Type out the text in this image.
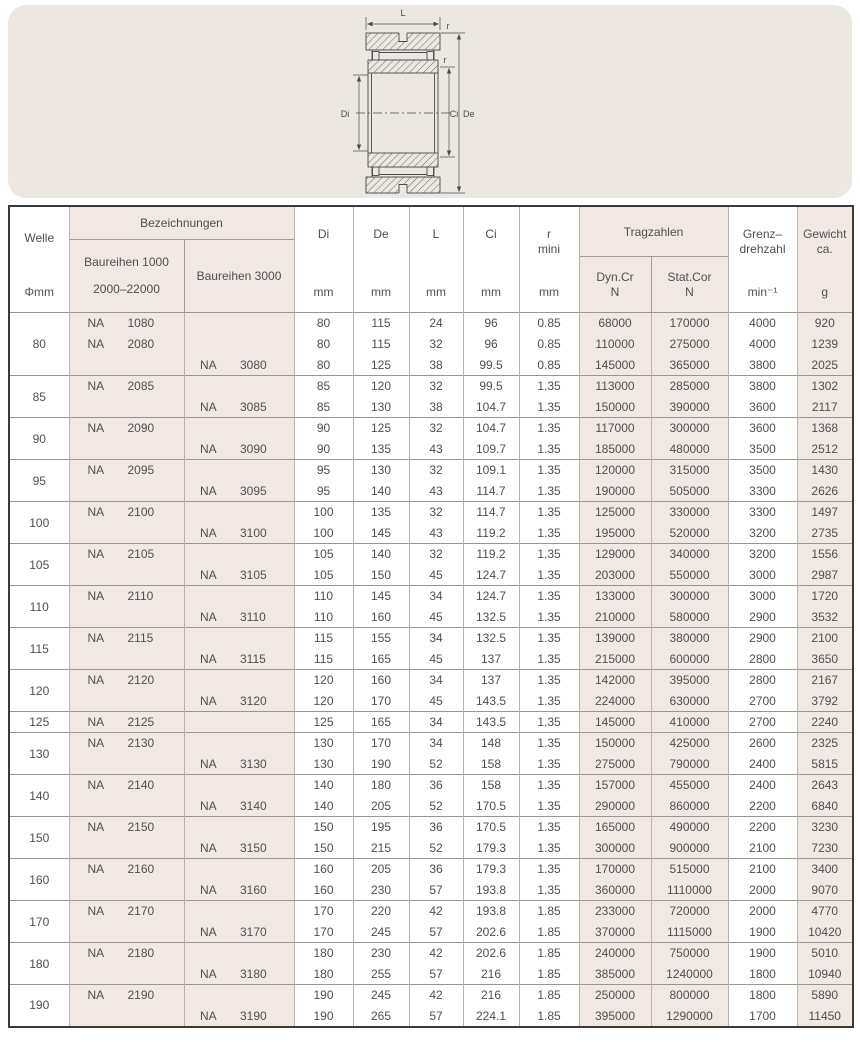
L
r
r
Di	Ci De
Welle
Φmm

Bezeichnungen
Baureihen 1000
2000–22000
Baureihen 3000

Di
mm

De
mm

L
mm

Ci
mm

r
mini
mm

Tragzahlen
Dyn.Cr
N
Stat.Cor
N

Grenz–
drehzahl
min⁻¹

Gewicht
ca.
g

80	NA 1080		80	115	24	96	0.85	68000	170000	4000	920
	NA 2080		80	115	32	96	0.85	110000	275000	4000	1239
		NA 3080	80	125	38	99.5	0.85	145000	365000	3800	2025
85	NA 2085		85	120	32	99.5	1.35	113000	285000	3800	1302
		NA 3085	85	130	38	104.7	1.35	150000	390000	3600	2117
90	NA 2090		90	125	32	104.7	1.35	117000	300000	3600	1368
		NA 3090	90	135	43	109.7	1.35	185000	480000	3500	2512
95	NA 2095		95	130	32	109.1	1.35	120000	315000	3500	1430
		NA 3095	95	140	43	114.7	1.35	190000	505000	3300	2626
100	NA 2100		100	135	32	114.7	1.35	125000	330000	3300	1497
		NA 3100	100	145	43	119.2	1.35	195000	520000	3200	2735
105	NA 2105		105	140	32	119.2	1.35	129000	340000	3200	1556
		NA 3105	105	150	45	124.7	1.35	203000	550000	3000	2987
110	NA 2110		110	145	34	124.7	1.35	133000	300000	3000	1720
		NA 3110	110	160	45	132.5	1.35	210000	580000	2900	3532
115	NA 2115		115	155	34	132.5	1.35	139000	380000	2900	2100
		NA 3115	115	165	45	137	1.35	215000	600000	2800	3650
120	NA 2120		120	160	34	137	1.35	142000	395000	2800	2167
		NA 3120	120	170	45	143.5	1.35	224000	630000	2700	3792
125	NA 2125		125	165	34	143.5	1.35	145000	410000	2700	2240
130	NA 2130		130	170	34	148	1.35	150000	425000	2600	2325
		NA 3130	130	190	52	158	1.35	275000	790000	2400	5815
140	NA 2140		140	180	36	158	1.35	157000	455000	2400	2643
		NA 3140	140	205	52	170.5	1.35	290000	860000	2200	6840
150	NA 2150		150	195	36	170.5	1.35	165000	490000	2200	3230
		NA 3150	150	215	52	179.3	1.35	300000	900000	2100	7230
160	NA 2160		160	205	36	179.3	1.35	170000	515000	2100	3400
		NA 3160	160	230	57	193.8	1.35	360000	1110000	2000	9070
170	NA 2170		170	220	42	193.8	1.85	233000	720000	2000	4770
		NA 3170	170	245	57	202.6	1.85	370000	1115000	1900	10420
180	NA 2180		180	230	42	202.6	1.85	240000	750000	1900	5010
		NA 3180	180	255	57	216	1.85	385000	1240000	1800	10940
190	NA 2190		190	245	42	216	1.85	250000	800000	1800	5890
		NA 3190	190	265	57	224.1	1.85	395000	1290000	1700	11450
